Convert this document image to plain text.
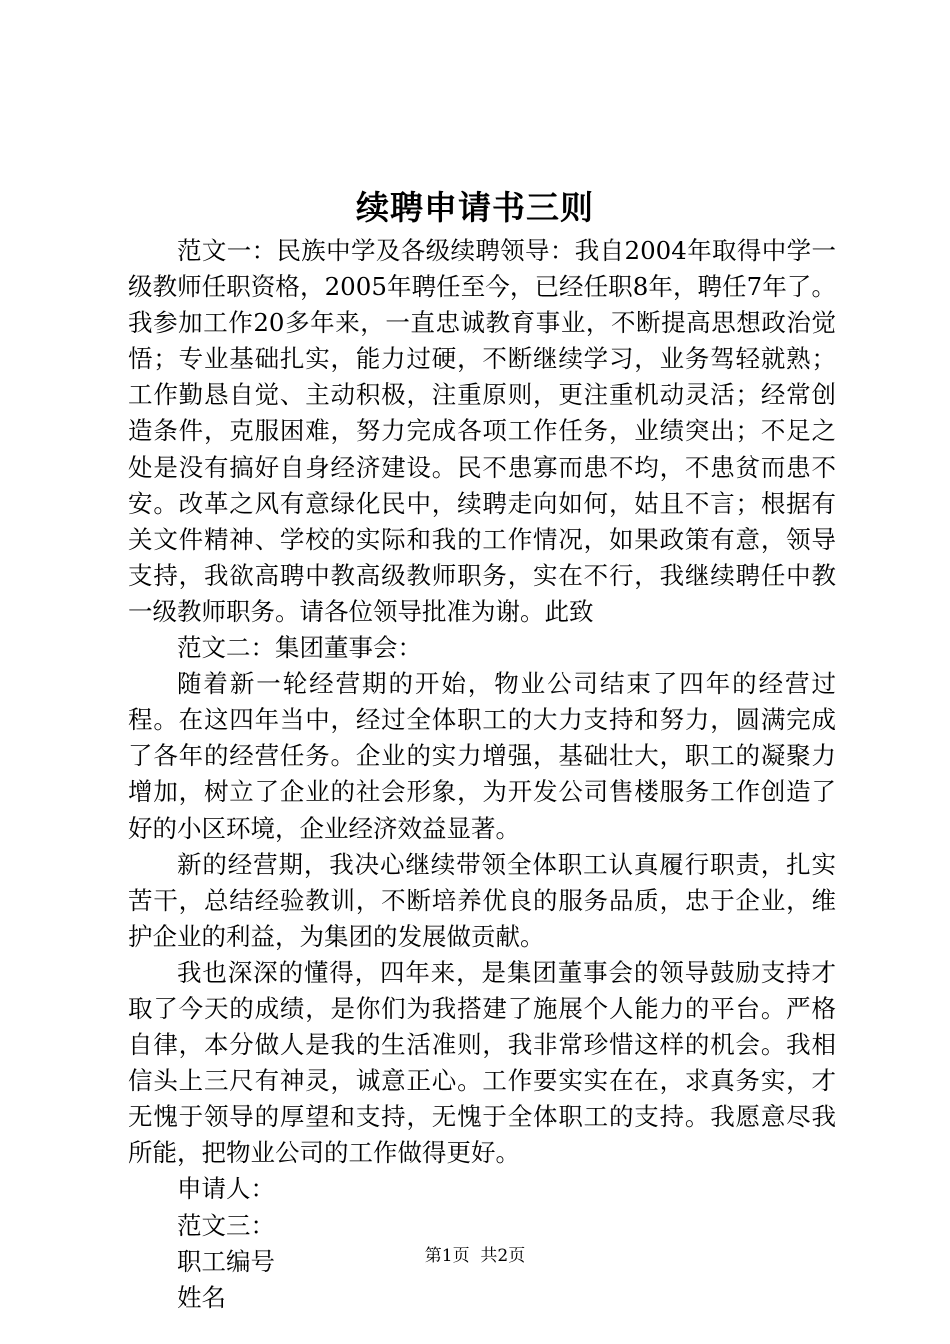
续聘申请书三则

范文一：民族中学及各级续聘领导：我自2004年取得中学一级教师任职资格，2005年聘任至今，已经任职8年，聘任7年了。我参加工作20多年来，一直忠诚教育事业，不断提高思想政治觉悟；专业基础扎实，能力过硬，不断继续学习，业务驾轻就熟；工作勤恳自觉、主动积极，注重原则，更注重机动灵活；经常创造条件，克服困难，努力完成各项工作任务，业绩突出；不足之处是没有搞好自身经济建设。民不患寡而患不均，不患贫而患不安。改革之风有意绿化民中，续聘走向如何，姑且不言；根据有关文件精神、学校的实际和我的工作情况，如果政策有意，领导支持，我欲高聘中教高级教师职务，实在不行，我继续聘任中教一级教师职务。请各位领导批准为谢。此致

范文二：集团董事会：

随着新一轮经营期的开始，物业公司结束了四年的经营过程。在这四年当中，经过全体职工的大力支持和努力，圆满完成了各年的经营任务。企业的实力增强，基础壮大，职工的凝聚力增加，树立了企业的社会形象，为开发公司售楼服务工作创造了好的小区环境，企业经济效益显著。

新的经营期，我决心继续带领全体职工认真履行职责，扎实苦干，总结经验教训，不断培养优良的服务品质，忠于企业，维护企业的利益，为集团的发展做贡献。

我也深深的懂得，四年来，是集团董事会的领导鼓励支持才取了今天的成绩，是你们为我搭建了施展个人能力的平台。严格自律，本分做人是我的生活准则，我非常珍惜这样的机会。我相信头上三尺有神灵，诚意正心。工作要实实在在，求真务实，才无愧于领导的厚望和支持，无愧于全体职工的支持。我愿意尽我所能，把物业公司的工作做得更好。

申请人：

范文三：

职工编号

姓名

第1页  共2页
